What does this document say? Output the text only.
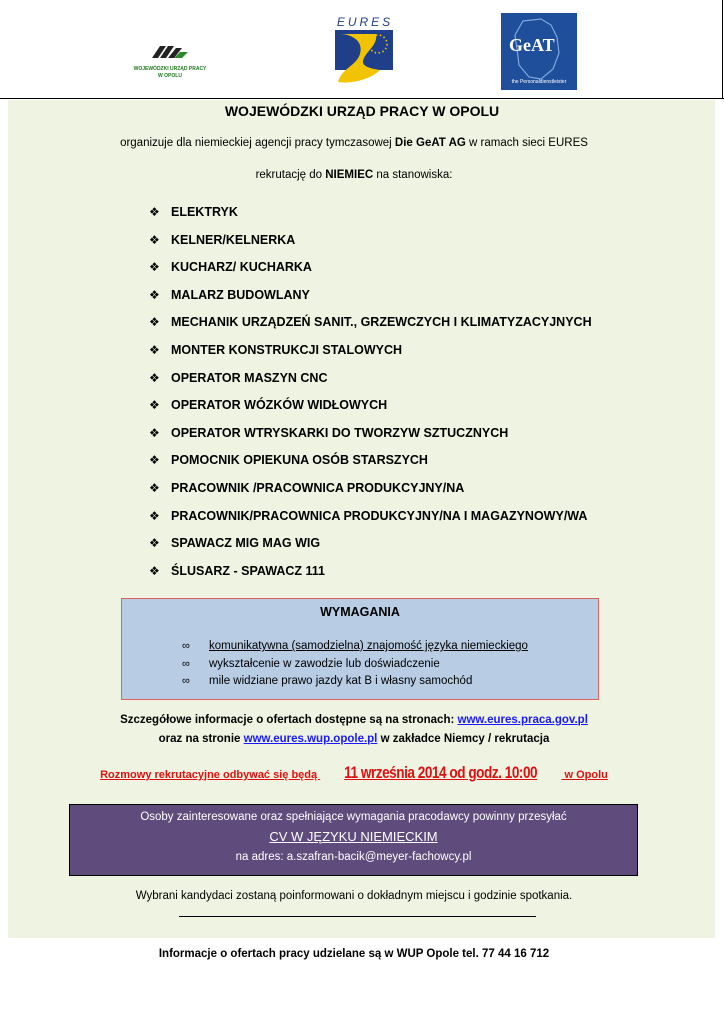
WOJEWÓDZKI URZĄD PRACY
W OPOLU
EURES
GeAT
the Personaldienstleister
WOJEWÓDZKI URZĄD PRACY W OPOLU
organizuje dla niemieckiej agencji pracy tymczasowej Die GeAT AG w ramach sieci EURES
rekrutację do NIEMIEC na stanowiska:
❖ ELEKTRYK
❖ KELNER/KELNERKA
❖ KUCHARZ/ KUCHARKA
❖ MALARZ BUDOWLANY
❖ MECHANIK URZĄDZEŃ SANIT., GRZEWCZYCH I KLIMATYZACYJNYCH
❖ MONTER KONSTRUKCJI STALOWYCH
❖ OPERATOR MASZYN CNC
❖ OPERATOR WÓZKÓW WIDŁOWYCH
❖ OPERATOR WTRYSKARKI DO TWORZYW SZTUCZNYCH
❖ POMOCNIK OPIEKUNA OSÓB STARSZYCH
❖ PRACOWNIK /PRACOWNICA PRODUKCYJNY/NA
❖ PRACOWNIK/PRACOWNICA PRODUKCYJNY/NA I MAGAZYNOWY/WA
❖ SPAWACZ MIG MAG WIG
❖ ŚLUSARZ - SPAWACZ 111
WYMAGANIA
∞ komunikatywna (samodzielna) znajomość języka niemieckiego
∞ wykształcenie w zawodzie lub doświadczenie
∞ mile widziane prawo jazdy kat B i własny samochód
Szczegółowe informacje o ofertach dostępne są na stronach: www.eures.praca.gov.pl
oraz na stronie www.eures.wup.opole.pl w zakładce Niemcy / rekrutacja
Rozmowy rekrutacyjne odbywać się będą 11 września 2014 od godz. 10:00 w Opolu
Osoby zainteresowane oraz spełniające wymagania pracodawcy powinny przesyłać
CV W JĘZYKU NIEMIECKIM
na adres: a.szafran-bacik@meyer-fachowcy.pl
Wybrani kandydaci zostaną poinformowani o dokładnym miejscu i godzinie spotkania.
Informacje o ofertach pracy udzielane są w WUP Opole tel. 77 44 16 712
